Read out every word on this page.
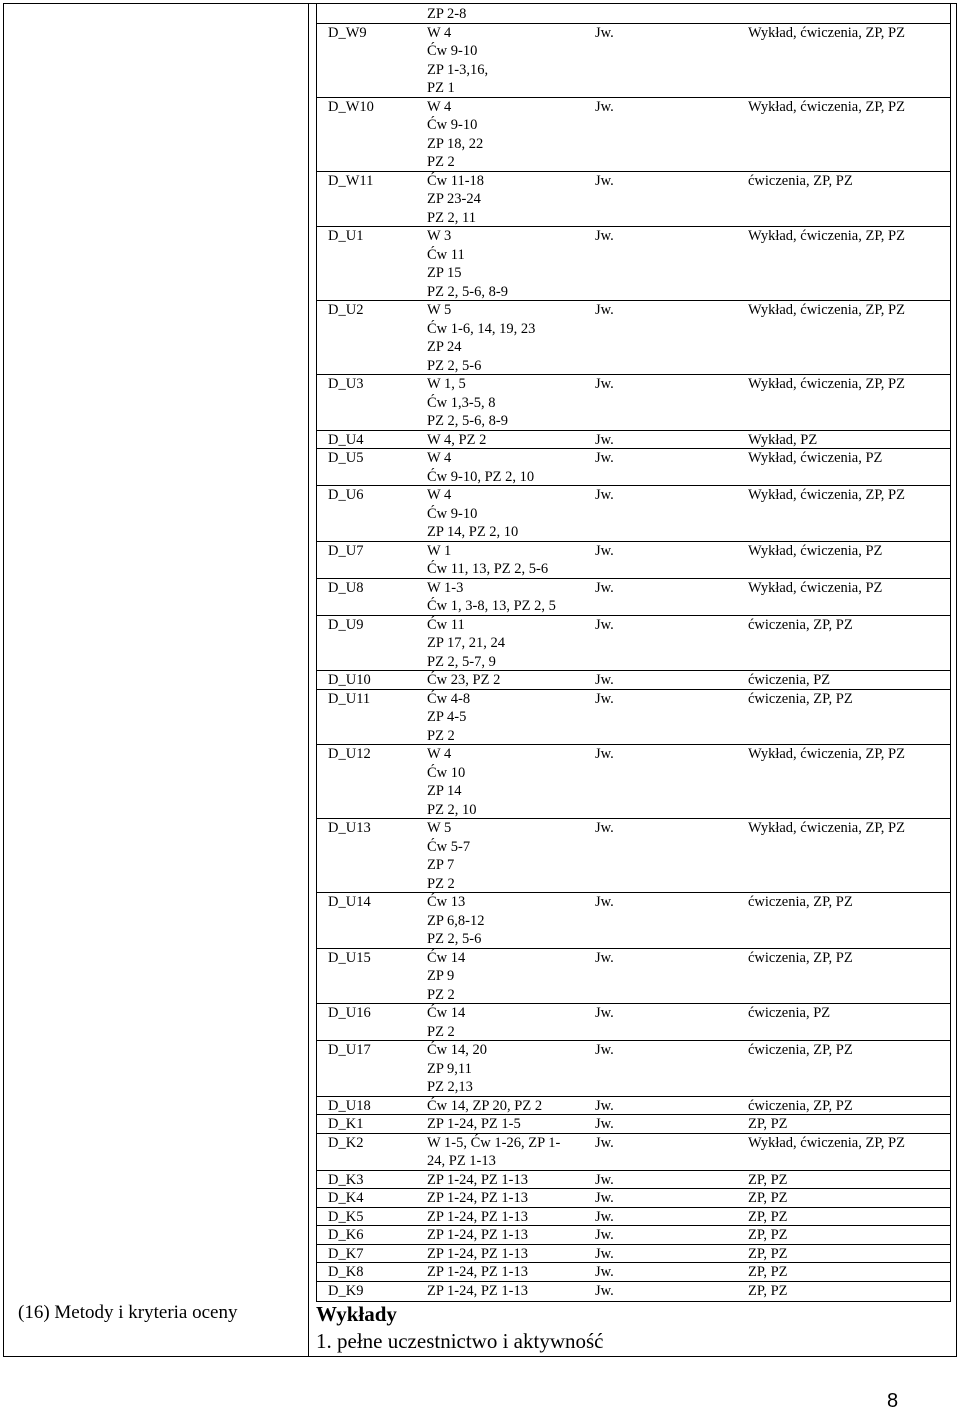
ZP 2-8
D_W9	W 4
Ćw 9-10
ZP 1-3,16,
PZ 1
Jw.	Wykład, ćwiczenia, ZP, PZ
D_W10	W 4
Ćw 9-10
ZP 18, 22
PZ 2
Jw.	Wykład, ćwiczenia, ZP, PZ
D_W11	Ćw 11-18
ZP 23-24
PZ 2, 11
Jw.	ćwiczenia, ZP, PZ
D_U1	W 3
Ćw 11
ZP 15
PZ 2, 5-6, 8-9
Jw.	Wykład, ćwiczenia, ZP, PZ
D_U2	W 5
Ćw 1-6, 14, 19, 23
ZP 24
PZ 2, 5-6
Jw.	Wykład, ćwiczenia, ZP, PZ
D_U3	W 1, 5
Ćw 1,3-5, 8
PZ 2, 5-6, 8-9
Jw.	Wykład, ćwiczenia, ZP, PZ
D_U4	W 4, PZ 2	Jw.	Wykład, PZ
D_U5	W 4
Ćw 9-10, PZ 2, 10
Jw.	Wykład, ćwiczenia, PZ
D_U6	W 4
Ćw 9-10
ZP 14, PZ 2, 10
Jw.	Wykład, ćwiczenia, ZP, PZ
D_U7	W 1
Ćw 11, 13, PZ 2, 5-6
Jw.	Wykład, ćwiczenia, PZ
D_U8	W 1-3
Ćw 1, 3-8, 13, PZ 2, 5
Jw.	Wykład, ćwiczenia, PZ
D_U9	Ćw 11
ZP 17, 21, 24
PZ 2, 5-7, 9
Jw.	ćwiczenia, ZP, PZ
D_U10	Ćw 23, PZ 2	Jw.	ćwiczenia, PZ
D_U11	Ćw 4-8
ZP 4-5
PZ 2
Jw.	ćwiczenia, ZP, PZ
D_U12	W 4
Ćw 10
ZP 14
PZ 2, 10
Jw.	Wykład, ćwiczenia, ZP, PZ
D_U13	W 5
Ćw 5-7
ZP 7
PZ 2
Jw.	Wykład, ćwiczenia, ZP, PZ
D_U14	Ćw 13
ZP 6,8-12
PZ 2, 5-6
Jw.	ćwiczenia, ZP, PZ
D_U15	Ćw 14
ZP 9
PZ 2
Jw.	ćwiczenia, ZP, PZ
D_U16	Ćw 14
PZ 2
Jw.	ćwiczenia, PZ
D_U17	Ćw 14, 20
ZP 9,11
PZ 2,13
Jw.	ćwiczenia, ZP, PZ
D_U18	Ćw 14, ZP 20, PZ 2	Jw.	ćwiczenia, ZP, PZ
D_K1	ZP 1-24, PZ 1-5	Jw.	ZP, PZ
D_K2	W 1-5, Ćw 1-26, ZP 1-
24, PZ 1-13
Jw.	Wykład, ćwiczenia, ZP, PZ
D_K3	ZP 1-24, PZ 1-13	Jw.	ZP, PZ
D_K4	ZP 1-24, PZ 1-13	Jw.	ZP, PZ
D_K5	ZP 1-24, PZ 1-13	Jw.	ZP, PZ
D_K6	ZP 1-24, PZ 1-13	Jw.	ZP, PZ
D_K7	ZP 1-24, PZ 1-13	Jw.	ZP, PZ
D_K8	ZP 1-24, PZ 1-13	Jw.	ZP, PZ
D_K9	ZP 1-24, PZ 1-13	Jw.	ZP, PZ
(16) Metody i kryteria oceny	Wykłady
1. pełne uczestnictwo i aktywność
8
